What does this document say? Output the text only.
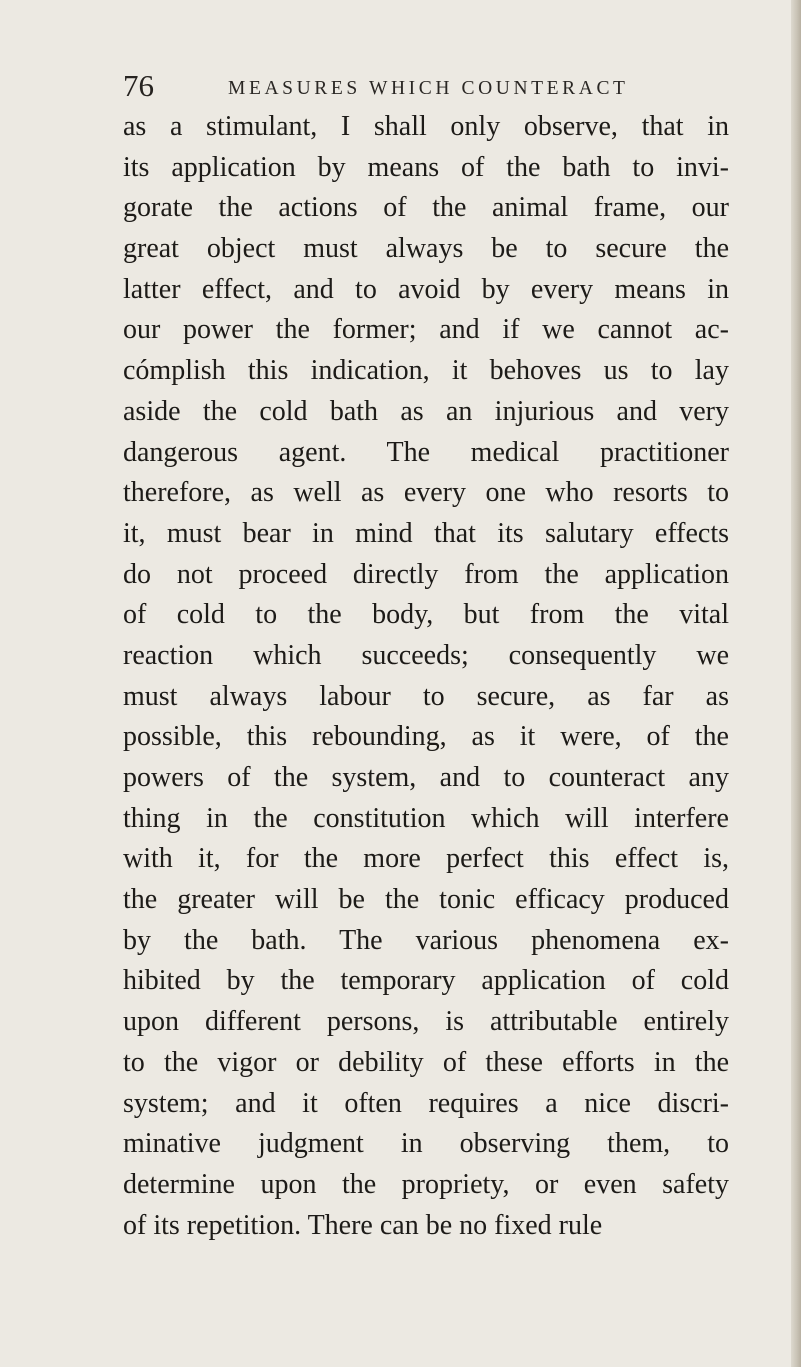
76	MEASURES WHICH COUNTERACT
as a stimulant, I shall only observe, that in
its application by means of the bath to invi-
gorate the actions of the animal frame, our
great object must always be to secure the
latter effect, and to avoid by every means in
our power the former; and if we cannot ac-
cómplish this indication, it behoves us to lay
aside the cold bath as an injurious and very
dangerous agent. The medical practitioner
therefore, as well as every one who resorts to
it, must bear in mind that its salutary effects
do not proceed directly from the application
of cold to the body, but from the vital
reaction which succeeds; consequently we
must always labour to secure, as far as
possible, this rebounding, as it were, of the
powers of the system, and to counteract any
thing in the constitution which will interfere
with it, for the more perfect this effect is,
the greater will be the tonic efficacy produced
by the bath. The various phenomena ex-
hibited by the temporary application of cold
upon different persons, is attributable entirely
to the vigor or debility of these efforts in the
system; and it often requires a nice discri-
minative judgment in observing them, to
determine upon the propriety, or even safety
of its repetition. There can be no fixed rule
